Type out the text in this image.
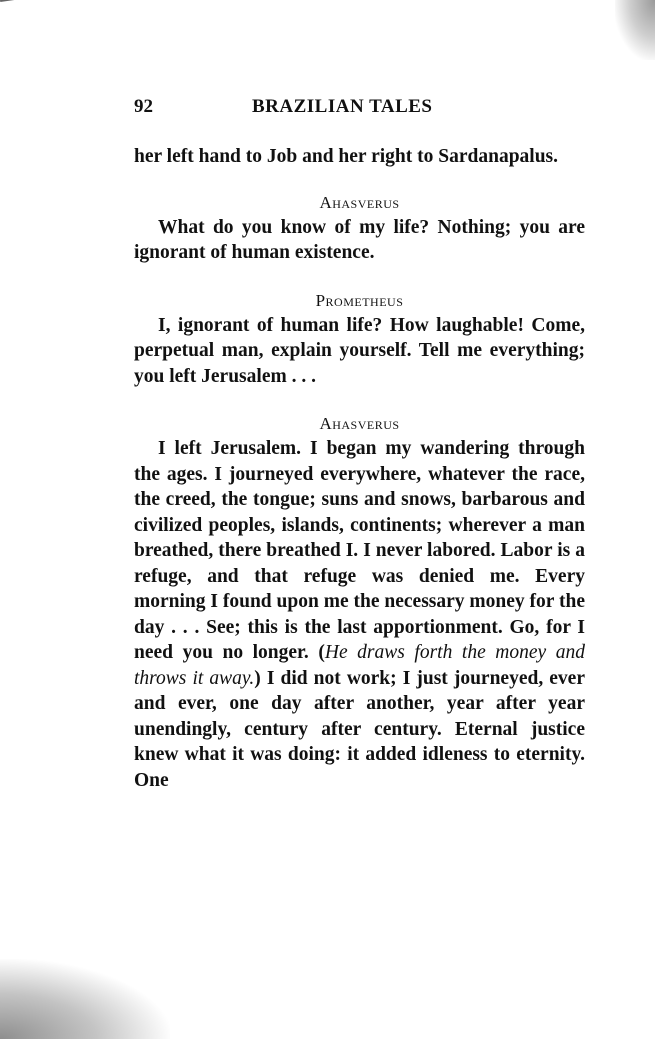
92	BRAZILIAN TALES

her left hand to Job and her right to Sardanapalus.

Ahasverus

What do you know of my life? Nothing; you are ignorant of human existence.

Prometheus

I, ignorant of human life? How laughable! Come, perpetual man, explain yourself. Tell me everything; you left Jerusalem . . .

Ahasverus

I left Jerusalem. I began my wandering through the ages. I journeyed everywhere, whatever the race, the creed, the tongue; suns and snows, barbarous and civilized peoples, islands, continents; wherever a man breathed, there breathed I. I never labored. Labor is a refuge, and that refuge was denied me. Every morning I found upon me the necessary money for the day . . . See; this is the last apportionment. Go, for I need you no longer. (He draws forth the money and throws it away.) I did not work; I just journeyed, ever and ever, one day after another, year after year unendingly, century after century. Eternal justice knew what it was doing: it added idleness to eternity. One
